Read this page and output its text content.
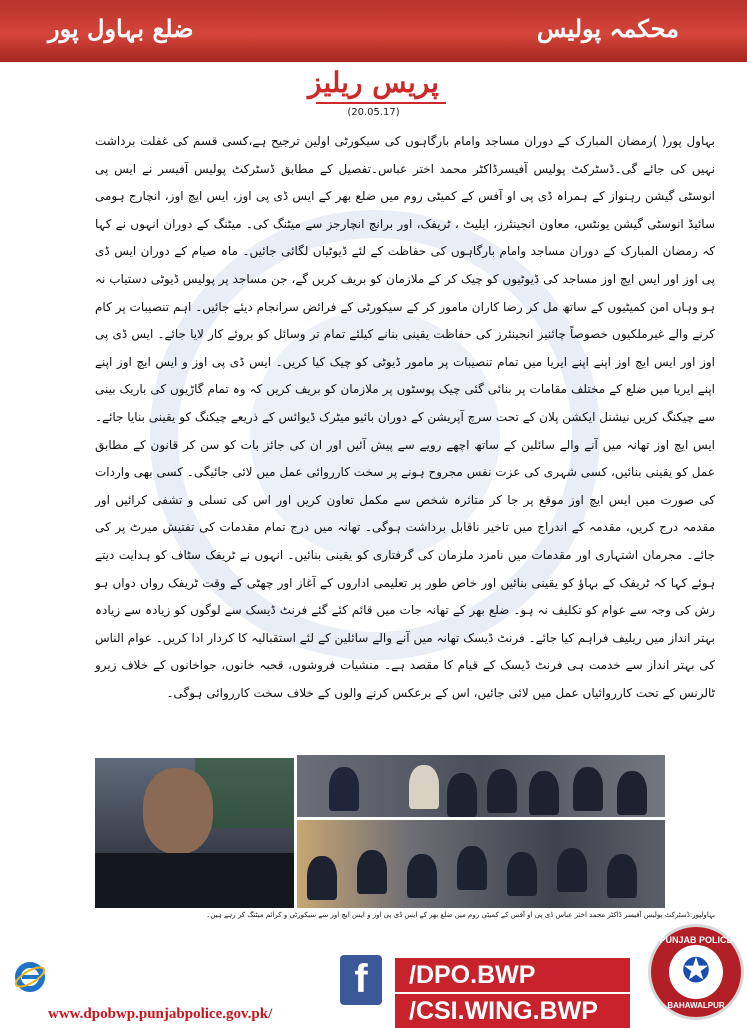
محکمہ پولیس
ضلع بہاول پور
پریس ریلیز
(20.05.17)
بہاول پور( )رمضان المبارک کے دوران مساجد وامام بارگاہوں کی سیکورٹی اولین ترجیح ہے،کسی قسم کی غفلت برداشت نہیں کی جائے گی۔ڈسٹرکٹ پولیس آفیسرڈاکٹر محمد اختر عباس۔تفصیل کے مطابق ڈسٹرکٹ پولیس آفیسر نے ایس پی انوسٹی گیشن رہنواز کے ہمراہ ڈی پی او آفس کے کمیٹی روم میں ضلع بھر کے ایس ڈی پی اوز، ایس ایچ اوز، انچارج ہومی سائیڈ انوسٹی گیشن یونٹس، معاون انجینئرز، ایلیٹ ، ٹریفک، اور برانچ انچارجز سے میٹنگ کی۔ میٹنگ کے دوران انہوں نے کہا کہ رمضان المبارک کے دوران مساجد وامام بارگاہوں کی حفاظت کے لئے ڈیوٹیاں لگائی جائیں۔ ماہ صیام کے دوران ایس ڈی پی اوز اور ایس ایچ اوز مساجد کی ڈیوٹیوں کو چیک کر کے ملازمان کو بریف کریں گے، جن مساجد پر پولیس ڈیوٹی دستیاب نہ ہو وہاں امن کمیٹیوں کے ساتھ مل کر رضا کاران مامور کر کے سیکورٹی کے فرائض سرانجام دیئے جائیں۔ اہم تنصیبات پر کام کرنے والے غیرملکیوں خصوصاً چائنیز انجینئرز کی حفاظت یقینی بنانے کیلئے تمام تر وسائل کو بروئے کار لایا جائے۔ ایس ڈی پی اوز اور ایس ایچ اوز اپنے اپنے ایریا میں تمام تنصیبات پر مامور ڈیوٹی کو چیک کیا کریں۔ ایس ڈی پی اوز و ایس ایچ اوز اپنے اپنے ایریا میں ضلع کے مختلف مقامات پر بنائی گئی چیک پوسٹوں پر ملازمان کو بریف کریں کہ وہ تمام گاڑیوں کی باریک بینی سے چیکنگ کریں نیشنل ایکشن پلان کے تحت سرچ آپریشن کے دوران بائیو میٹرک ڈیوائس کے ذریعے چیکنگ کو یقینی بنایا جائے۔ ایس ایچ اوز تھانہ میں آنے والے سائلین کے ساتھ اچھے رویے سے پیش آئیں اور ان کی جائز بات کو سن کر قانون کے مطابق عمل کو یقینی بنائیں، کسی شہری کی عزت نفس مجروح ہونے پر سخت کارروائی عمل میں لائی جائیگی۔ کسی بھی واردات کی صورت میں ایس ایچ اوز موقع پر جا کر متاثرہ شخص سے مکمل تعاون کریں اور اس کی تسلی و تشفی کرائیں اور مقدمہ درج کریں، مقدمہ کے اندراج میں تاخیر ناقابل برداشت ہوگی۔ تھانہ میں درج تمام مقدمات کی تفتیش میرٹ پر کی جائے۔ مجرمان اشتہاری اور مقدمات میں نامزد ملزمان کی گرفتاری کو یقینی بنائیں۔ انہوں نے ٹریفک سٹاف کو ہدایت دیتے ہوئے کہا کہ ٹریفک کے بہاؤ کو یقینی بنائیں اور خاص طور پر تعلیمی اداروں کے آغاز اور چھٹی کے وقت ٹریفک رواں دواں ہو رش کی وجہ سے عوام کو تکلیف نہ ہو۔ ضلع بھر کے تھانہ جات میں قائم کئے گئے فرنٹ ڈیسک سے لوگوں کو زیادہ سے زیادہ بہتر انداز میں ریلیف فراہم کیا جائے۔ فرنٹ ڈیسک تھانہ میں آنے والے سائلین کے لئے استقبالیہ کا کردار ادا کریں۔ عوام الناس کی بہتر انداز سے خدمت ہی فرنٹ ڈیسک کے قیام کا مقصد ہے۔ منشیات فروشوں، قحبہ خانوں، جواخانوں کے خلاف زیرو ٹالرنس کے تحت کارروائیاں عمل میں لائی جائیں، اس کے برعکس کرنے والوں کے خلاف سخت کارروائی ہوگی۔
بہاولپور:ڈسٹرکٹ پولیس آفیسر ڈاکٹر محمد اختر عباس ڈی پی او آفس کے کمیٹی روم میں ضلع بھر کے ایس ڈی پی اوز و ایس ایچ اوز سے سیکورٹی و کرائم میٹنگ کر رہے ہیں۔
www.dpobwp.punjabpolice.gov.pk/
f	/DPO.BWP
/CSI.WING.BWP
PUNJAB POLICE
✪
BAHAWALPUR
